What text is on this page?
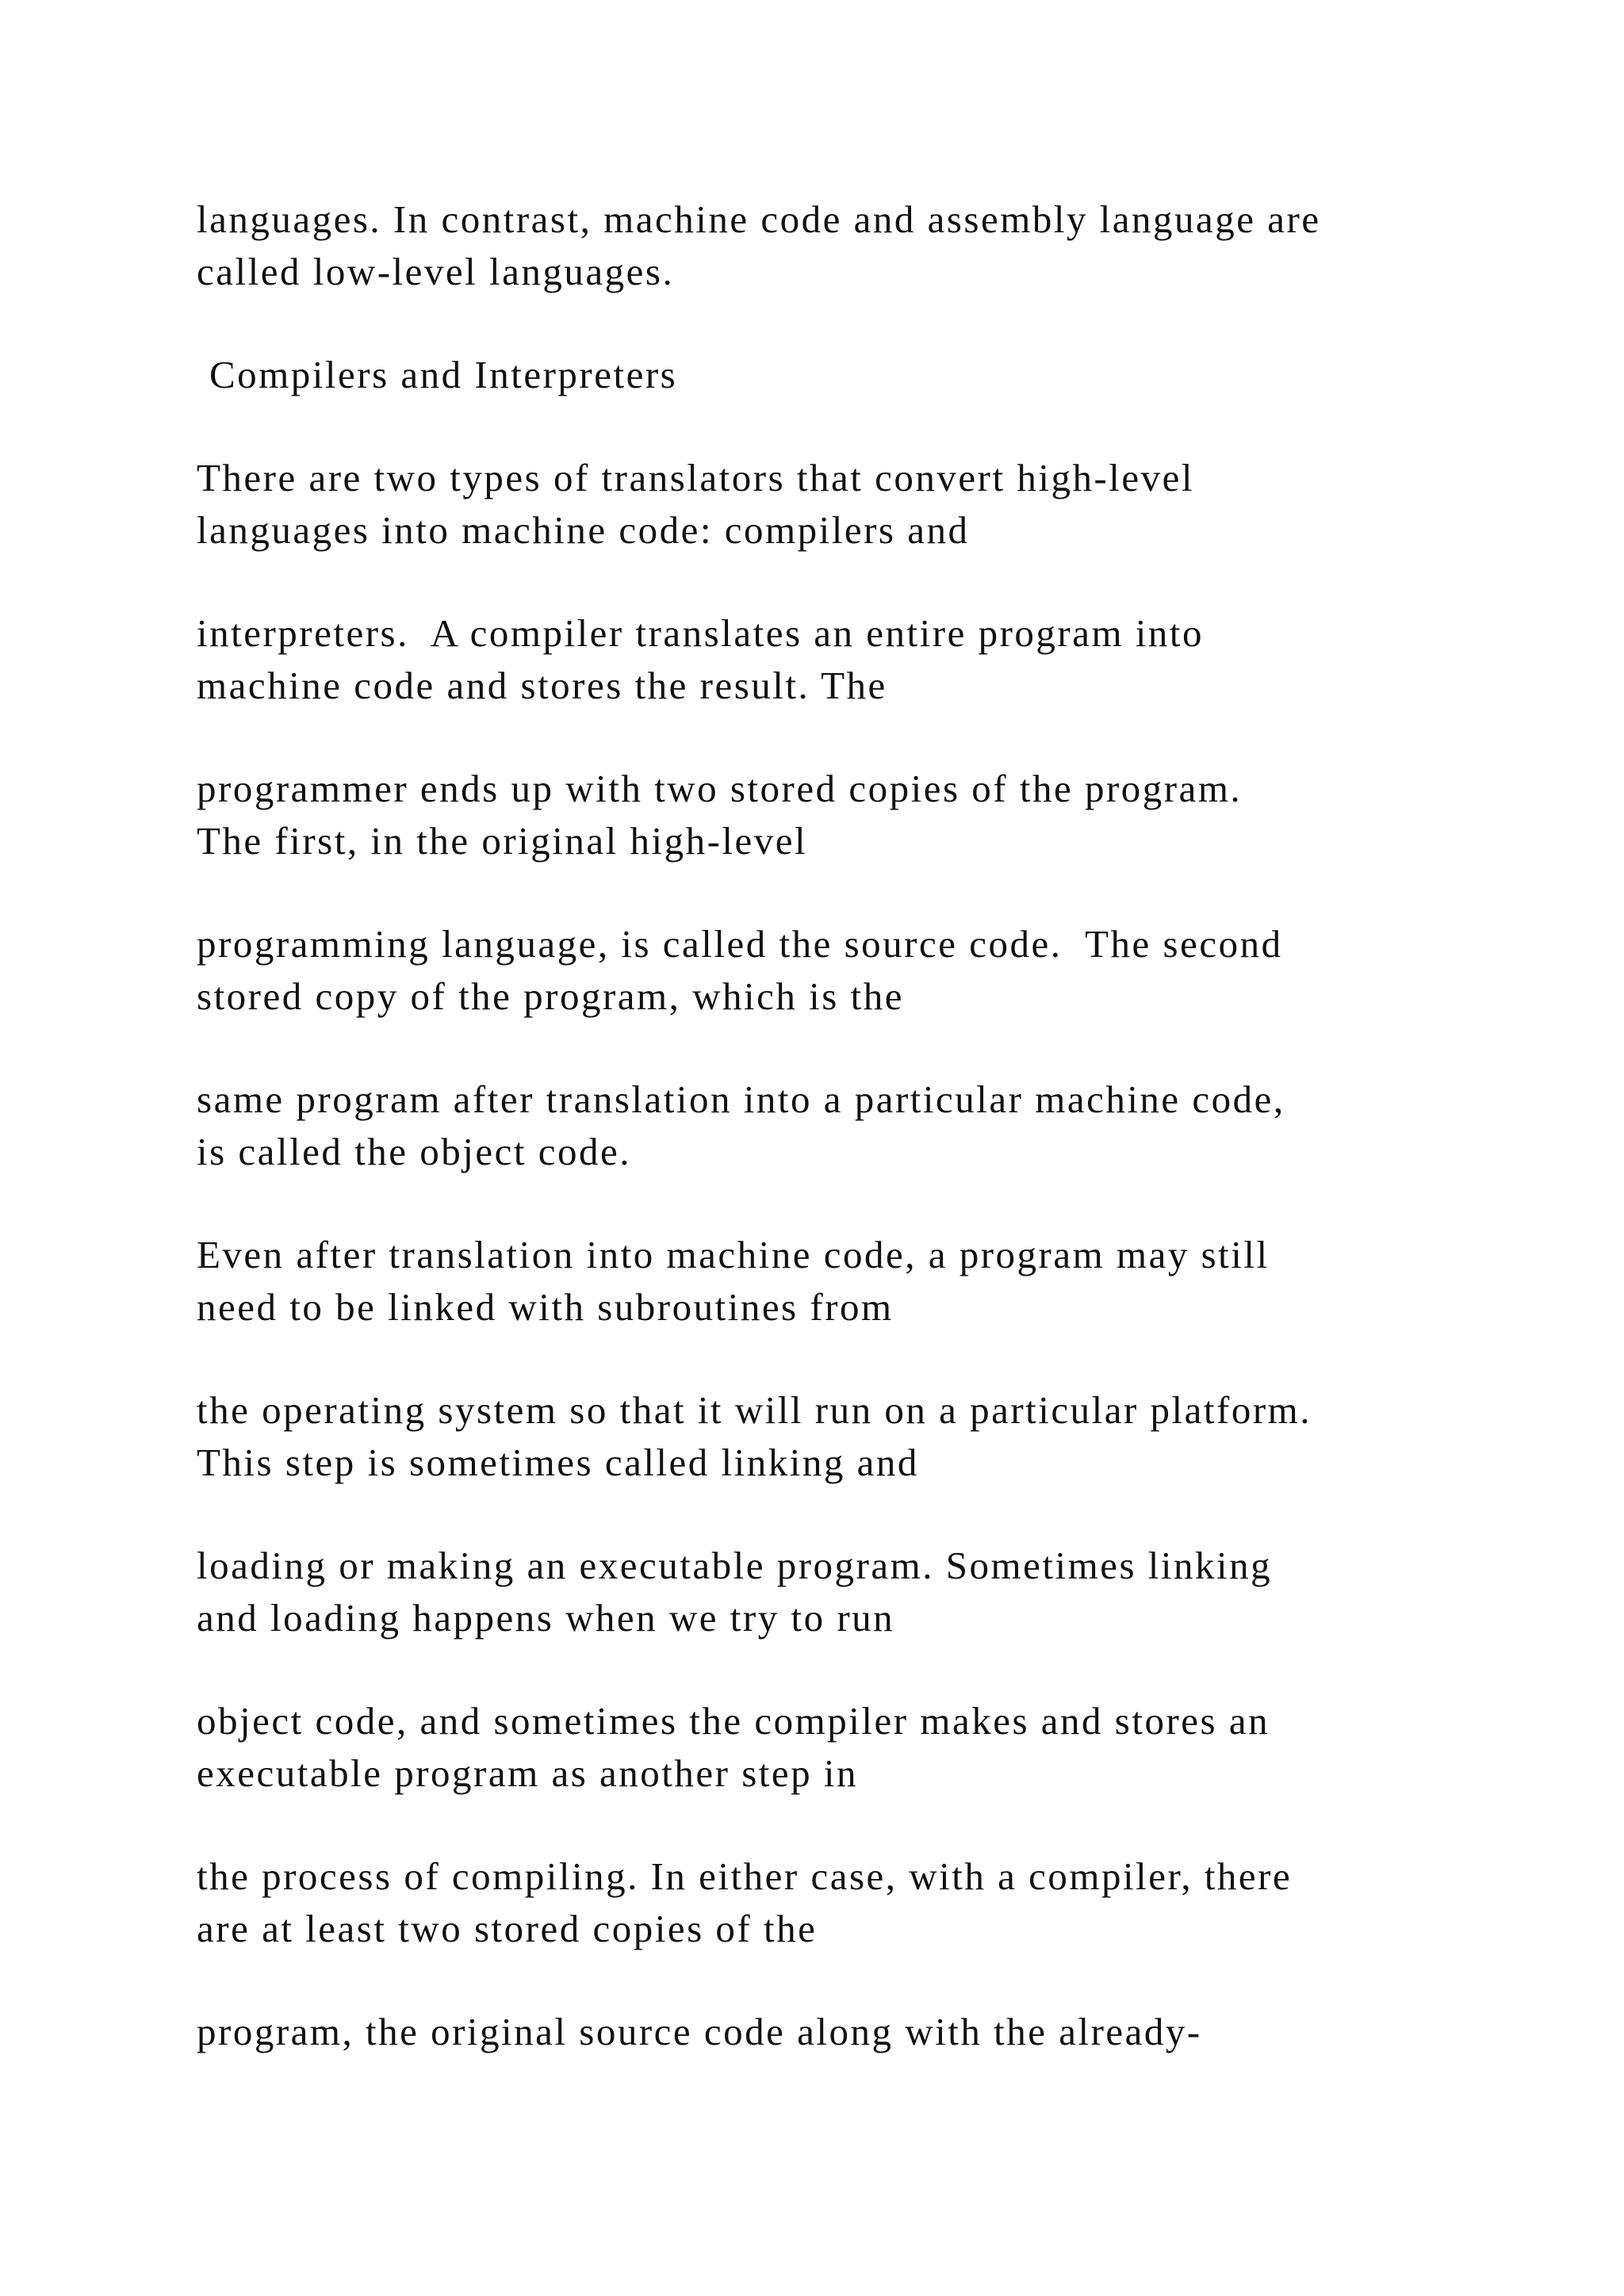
languages. In contrast, machine code and assembly language are

called low-level languages.

Compilers and Interpreters

There are two types of translators that convert high-level

languages into machine code: compilers and

interpreters.  A compiler translates an entire program into

machine code and stores the result. The

programmer ends up with two stored copies of the program.

The first, in the original high-level

programming language, is called the source code.  The second

stored copy of the program, which is the

same program after translation into a particular machine code,

is called the object code.

Even after translation into machine code, a program may still

need to be linked with subroutines from

the operating system so that it will run on a particular platform.

This step is sometimes called linking and

loading or making an executable program. Sometimes linking

and loading happens when we try to run

object code, and sometimes the compiler makes and stores an

executable program as another step in

the process of compiling. In either case, with a compiler, there

are at least two stored copies of the

program, the original source code along with the already-
